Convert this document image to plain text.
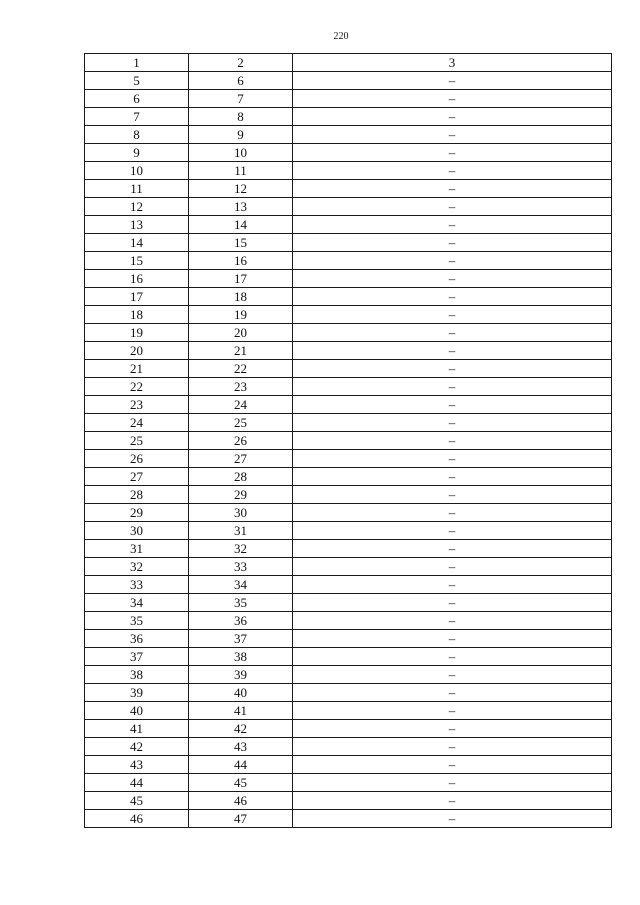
220
1	2	3
5	6	–
6	7	–
7	8	–
8	9	–
9	10	–
10	11	–
11	12	–
12	13	–
13	14	–
14	15	–
15	16	–
16	17	–
17	18	–
18	19	–
19	20	–
20	21	–
21	22	–
22	23	–
23	24	–
24	25	–
25	26	–
26	27	–
27	28	–
28	29	–
29	30	–
30	31	–
31	32	–
32	33	–
33	34	–
34	35	–
35	36	–
36	37	–
37	38	–
38	39	–
39	40	–
40	41	–
41	42	–
42	43	–
43	44	–
44	45	–
45	46	–
46	47	–
